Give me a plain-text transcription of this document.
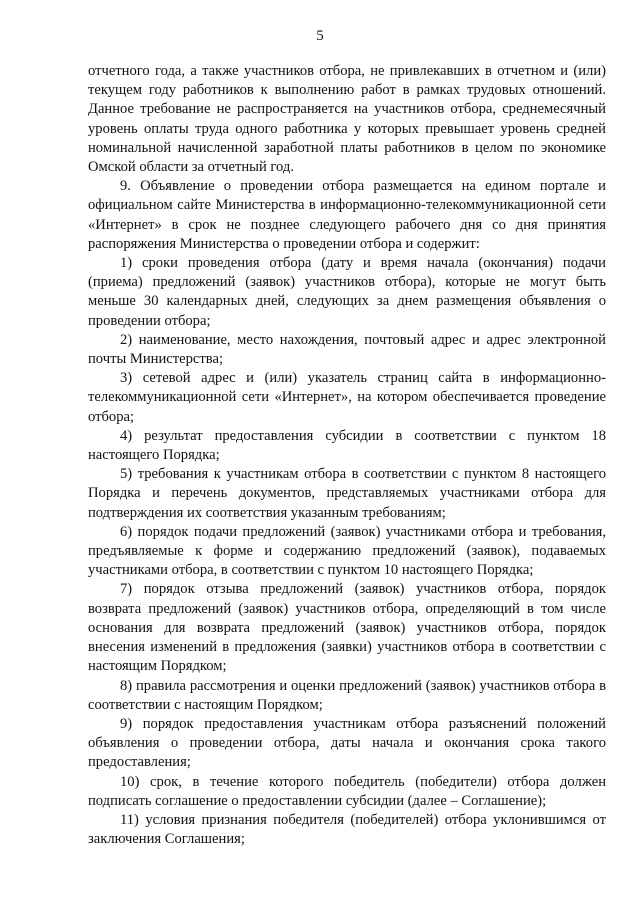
5

отчетного года, а также участников отбора, не привлекавших в отчетном и (или) текущем году работников к выполнению работ в рамках трудовых отношений. Данное требование не распространяется на участников отбора, среднемесячный уровень оплаты труда одного работника у которых превышает уровень средней номинальной начисленной заработной платы работников в целом по экономике Омской области за отчетный год.

9. Объявление о проведении отбора размещается на едином портале и официальном сайте Министерства в информационно-телекоммуникационной сети «Интернет» в срок не позднее следующего рабочего дня со дня принятия распоряжения Министерства о проведении отбора и содержит:

1) сроки проведения отбора (дату и время начала (окончания) подачи (приема) предложений (заявок) участников отбора), которые не могут быть меньше 30 календарных дней, следующих за днем размещения объявления о проведении отбора;

2) наименование, место нахождения, почтовый адрес и адрес электронной почты Министерства;

3) сетевой адрес и (или) указатель страниц сайта в информационно-телекоммуникационной сети «Интернет», на котором обеспечивается проведение отбора;

4) результат предоставления субсидии в соответствии с пунктом 18 настоящего Порядка;

5) требования к участникам отбора в соответствии с пунктом 8 настоящего Порядка и перечень документов, представляемых участниками отбора для подтверждения их соответствия указанным требованиям;

6) порядок подачи предложений (заявок) участниками отбора и требования, предъявляемые к форме и содержанию предложений (заявок), подаваемых участниками отбора, в соответствии с пунктом 10 настоящего Порядка;

7) порядок отзыва предложений (заявок) участников отбора, порядок возврата предложений (заявок) участников отбора, определяющий в том числе основания для возврата предложений (заявок) участников отбора, порядок внесения изменений в предложения (заявки) участников отбора в соответствии с настоящим Порядком;

8) правила рассмотрения и оценки предложений (заявок) участников отбора в соответствии с настоящим Порядком;

9) порядок предоставления участникам отбора разъяснений положений объявления о проведении отбора, даты начала и окончания срока такого предоставления;

10) срок, в течение которого победитель (победители) отбора должен подписать соглашение о предоставлении субсидии (далее – Соглашение);

11) условия признания победителя (победителей) отбора уклонившимся от заключения Соглашения;
